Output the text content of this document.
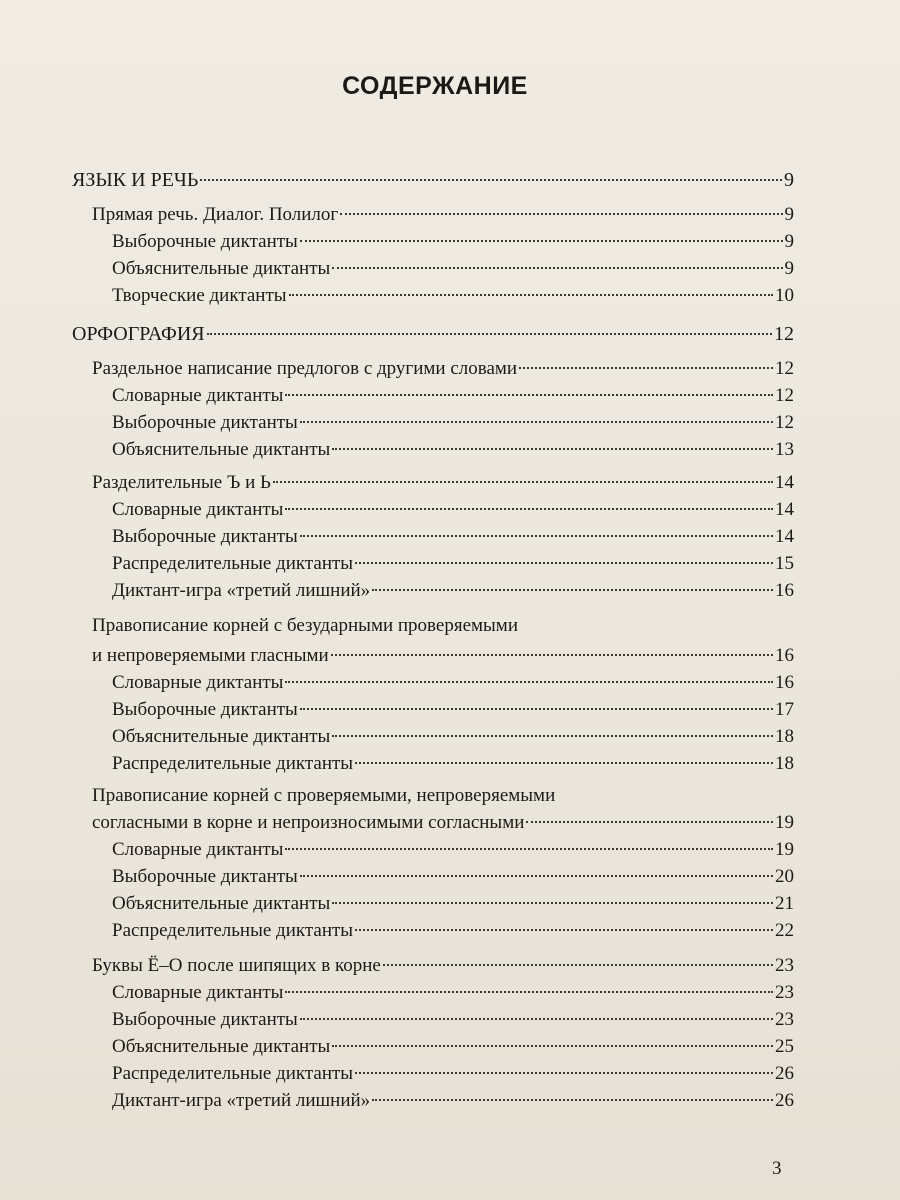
СОДЕРЖАНИЕ
ЯЗЫК И РЕЧЬ	9
Прямая речь. Диалог. Полилог	9
Выборочные диктанты	9
Объяснительные диктанты	9
Творческие диктанты	10
ОРФОГРАФИЯ	12
Раздельное написание предлогов с другими словами	12
Словарные диктанты	12
Выборочные диктанты	12
Объяснительные диктанты	13
Разделительные Ъ и Ь	14
Словарные диктанты	14
Выборочные диктанты	14
Распределительные диктанты	15
Диктант-игра «третий лишний»	16
Правописание корней с безударными проверяемыми
и непроверяемыми гласными	16
Словарные диктанты	16
Выборочные диктанты	17
Объяснительные диктанты	18
Распределительные диктанты	18
Правописание корней с проверяемыми, непроверяемыми
согласными в корне и непроизносимыми согласными	19
Словарные диктанты	19
Выборочные диктанты	20
Объяснительные диктанты	21
Распределительные диктанты	22
Буквы Ё–О после шипящих в корне	23
Словарные диктанты	23
Выборочные диктанты	23
Объяснительные диктанты	25
Распределительные диктанты	26
Диктант-игра «третий лишний»	26
3
